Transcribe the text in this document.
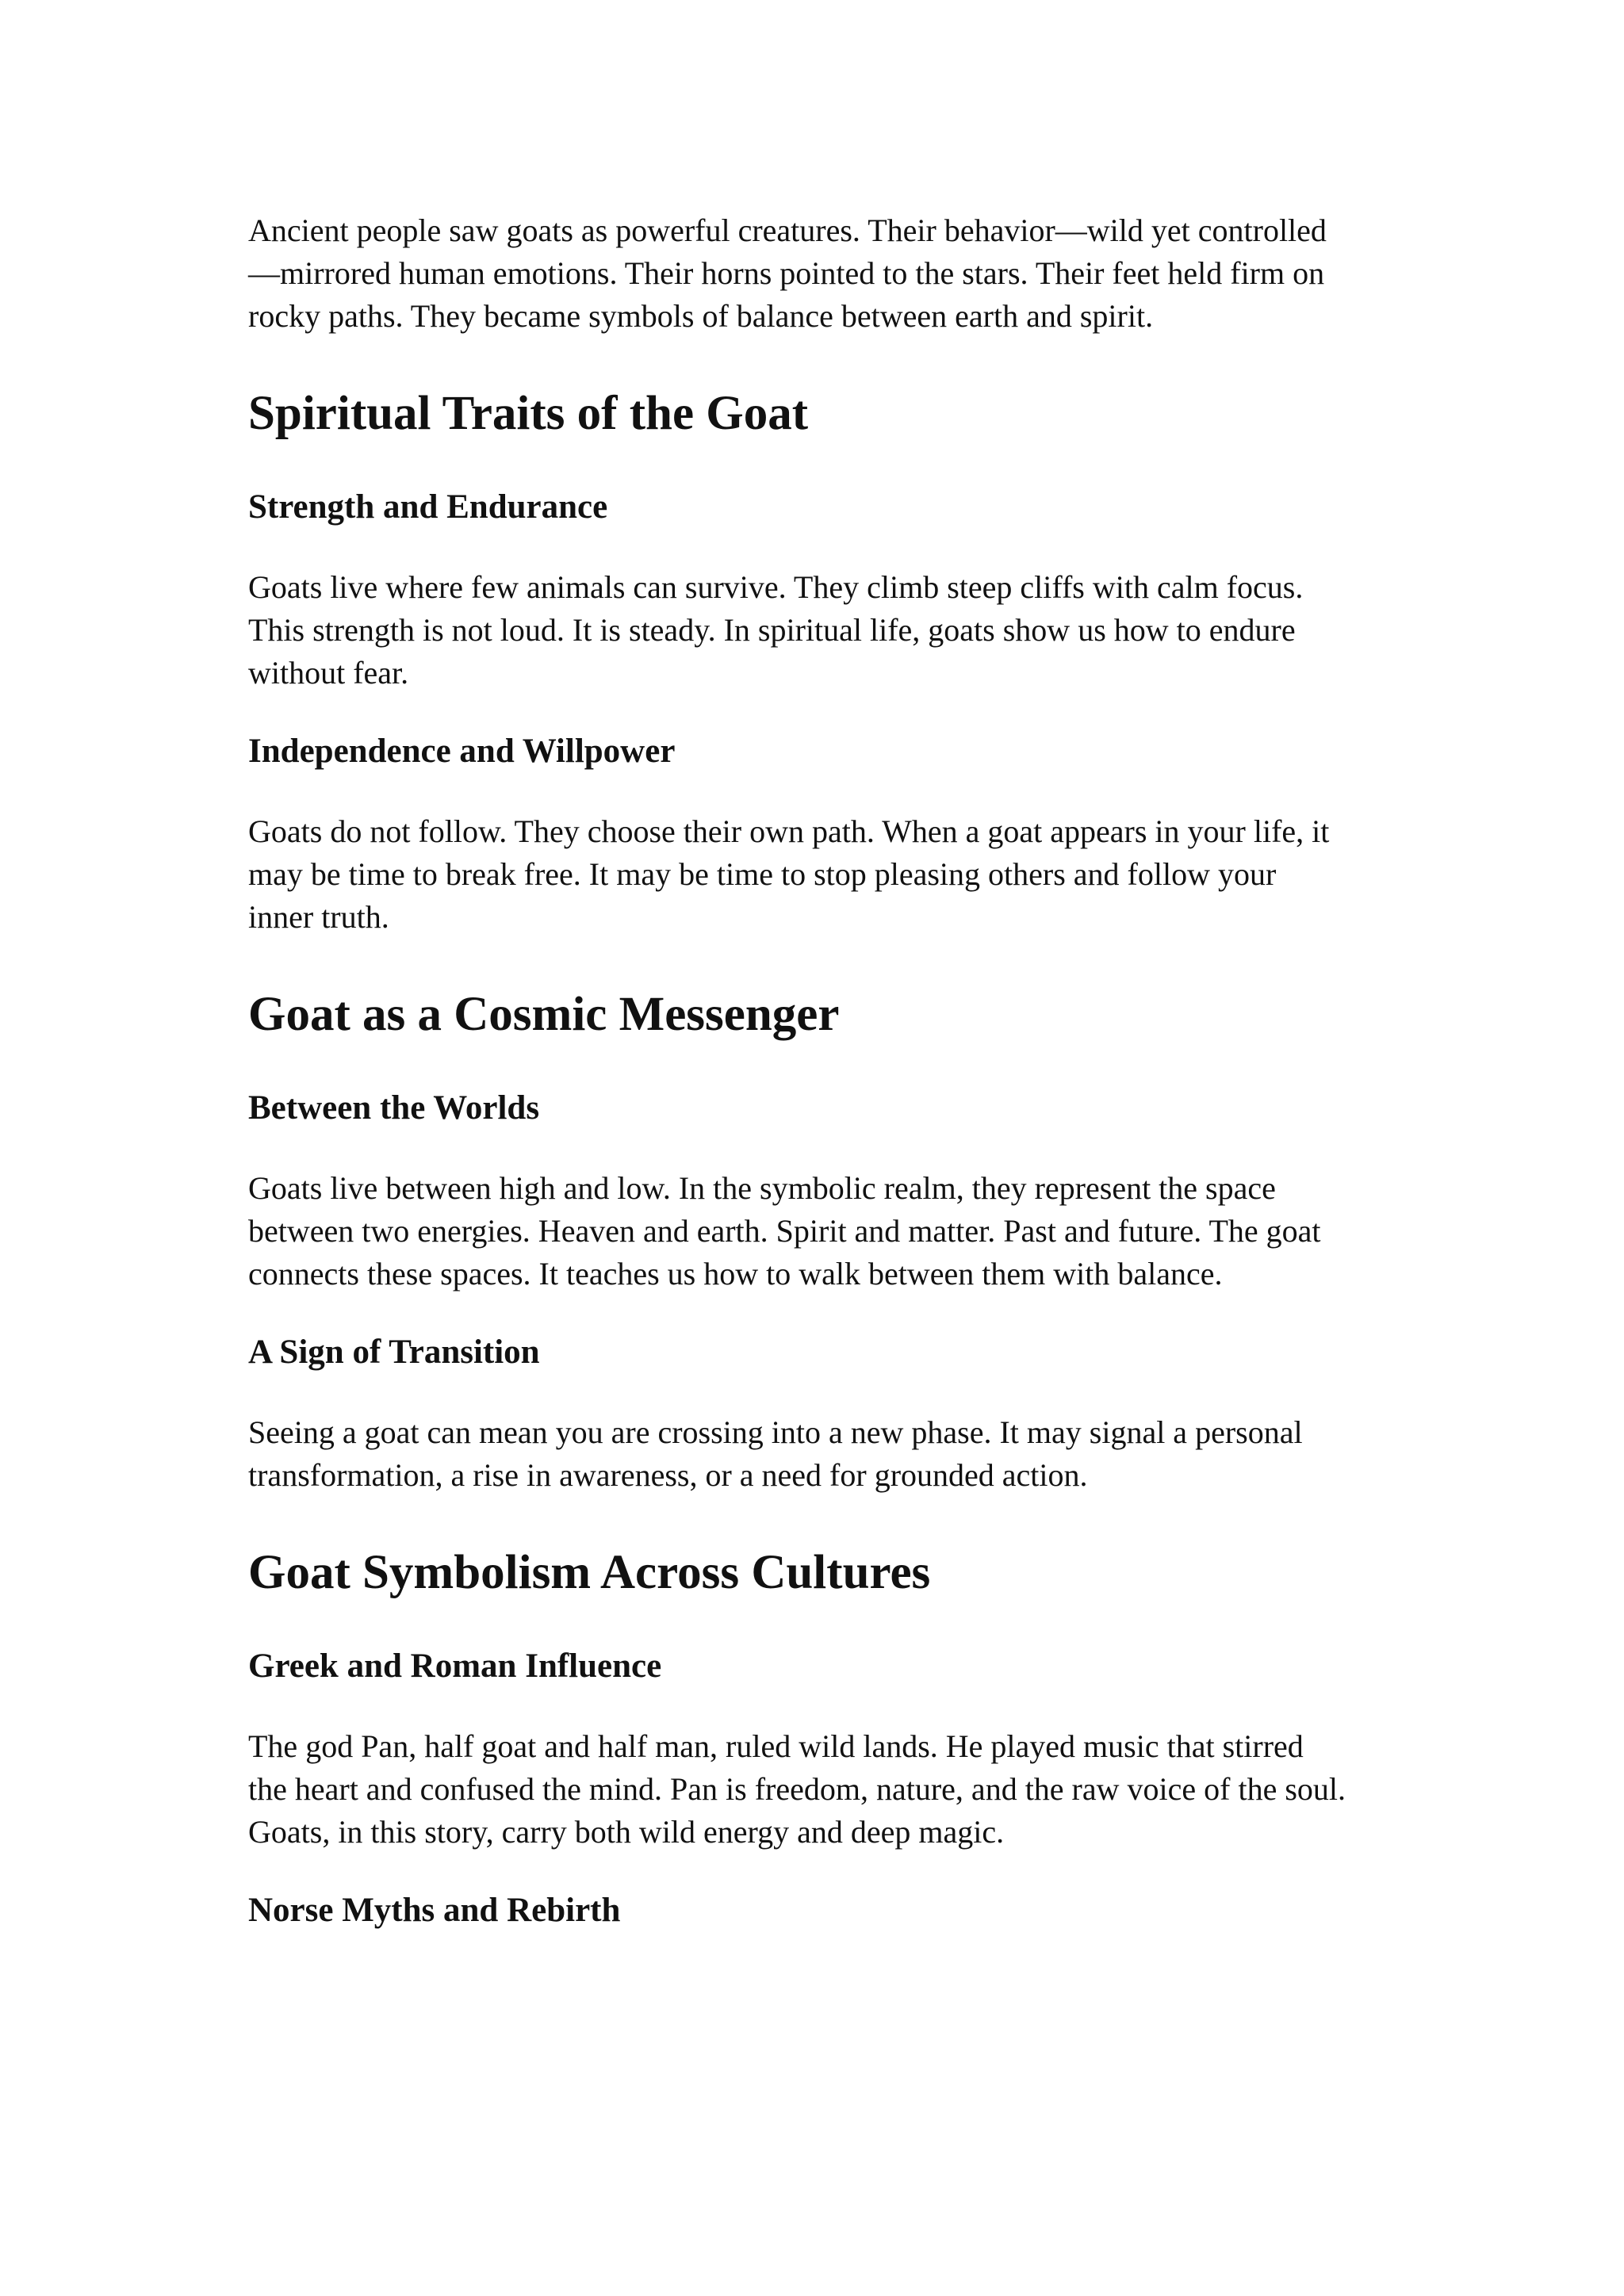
Ancient people saw goats as powerful creatures. Their behavior—wild yet controlled
—mirrored human emotions. Their horns pointed to the stars. Their feet held firm on
rocky paths. They became symbols of balance between earth and spirit.

Spiritual Traits of the Goat
Strength and Endurance

Goats live where few animals can survive. They climb steep cliffs with calm focus.
This strength is not loud. It is steady. In spiritual life, goats show us how to endure
without fear.

Independence and Willpower

Goats do not follow. They choose their own path. When a goat appears in your life, it
may be time to break free. It may be time to stop pleasing others and follow your
inner truth.

Goat as a Cosmic Messenger
Between the Worlds

Goats live between high and low. In the symbolic realm, they represent the space
between two energies. Heaven and earth. Spirit and matter. Past and future. The goat
connects these spaces. It teaches us how to walk between them with balance.

A Sign of Transition

Seeing a goat can mean you are crossing into a new phase. It may signal a personal
transformation, a rise in awareness, or a need for grounded action.

Goat Symbolism Across Cultures
Greek and Roman Influence

The god Pan, half goat and half man, ruled wild lands. He played music that stirred
the heart and confused the mind. Pan is freedom, nature, and the raw voice of the soul.
Goats, in this story, carry both wild energy and deep magic.

Norse Myths and Rebirth
